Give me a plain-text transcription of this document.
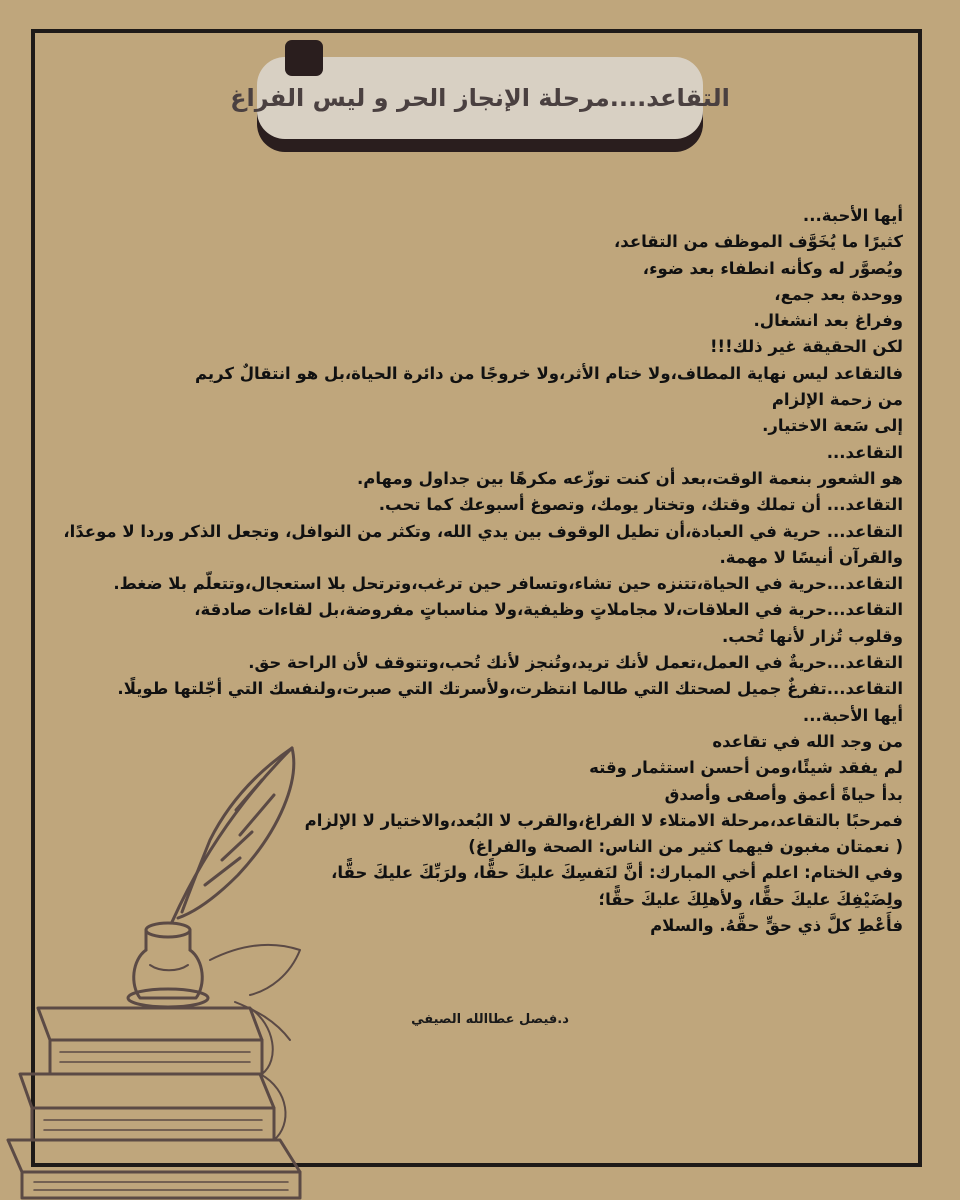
التقاعد....مرحلة الإنجاز الحر و ليس الفراغ
أيها الأحبة...
كثيرًا ما يُخَوَّف الموظف من التقاعد،
ويُصوَّر له وكأنه انطفاء بعد ضوء،
ووحدة بعد جمع،
وفراغ بعد انشغال.
لكن الحقيقة غير ذلك!!!
فالتقاعد ليس نهاية المطاف،ولا ختام الأثر،ولا خروجًا من دائرة الحياة،بل هو انتقالٌ كريم
من زحمة الإلزام
إلى سَعة الاختيار.
التقاعد...
هو الشعور بنعمة الوقت،بعد أن كنت توزّعه مكرهًا بين جداول ومهام.
التقاعد... أن تملك وقتك، وتختار يومك، وتصوغ أسبوعك كما تحب.
التقاعد... حرية في العبادة،أن تطيل الوقوف بين يدي الله، وتكثر من النوافل، وتجعل الذكر وردا لا موعدًا،
والقرآن أنيسًا لا مهمة.
التقاعد...حرية في الحياة،تتنزه حين تشاء،وتسافر حين ترغب،وترتحل بلا استعجال،وتتعلّم بلا ضغط.
التقاعد...حرية في العلاقات،لا مجاملاتٍ وظيفية،ولا مناسباتٍ مفروضة،بل لقاءات صادقة،
وقلوب تُزار لأنها تُحب.
التقاعد...حريةٌ في العمل،تعمل لأنك تريد،وتُنجز لأنك تُحب،وتتوقف لأن الراحة حق.
التقاعد...تفرغٌ جميل لصحتك التي طالما انتظرت،ولأسرتك التي صبرت،ولنفسك التي أجّلتها طويلًا.
أيها الأحبة...
من وجد الله في تقاعده
لم يفقد شيئًا،ومن أحسن استثمار وقته
بدأ حياةً أعمق وأصفى وأصدق
فمرحبًا بالتقاعد،مرحلة الامتلاء لا الفراغ،والقرب لا البُعد،والاختيار لا الإلزام
( نعمتان مغبون فيهما كثير من الناس: الصحة والفراغ)
وفي الختام: اعلم أخي المبارك: أنَّ لنَفسِكَ عليكَ حقًّا، ولرَبِّكَ عليكَ حقًّا،
ولِضَيْفِكَ عليكَ حقًّا، ولأهلِكَ عليكَ حقًّا؛
فأَعْطِ كلَّ ذي حقٍّ حقَّهُ. والسلام
د.فيصل عطاالله الصيفي
